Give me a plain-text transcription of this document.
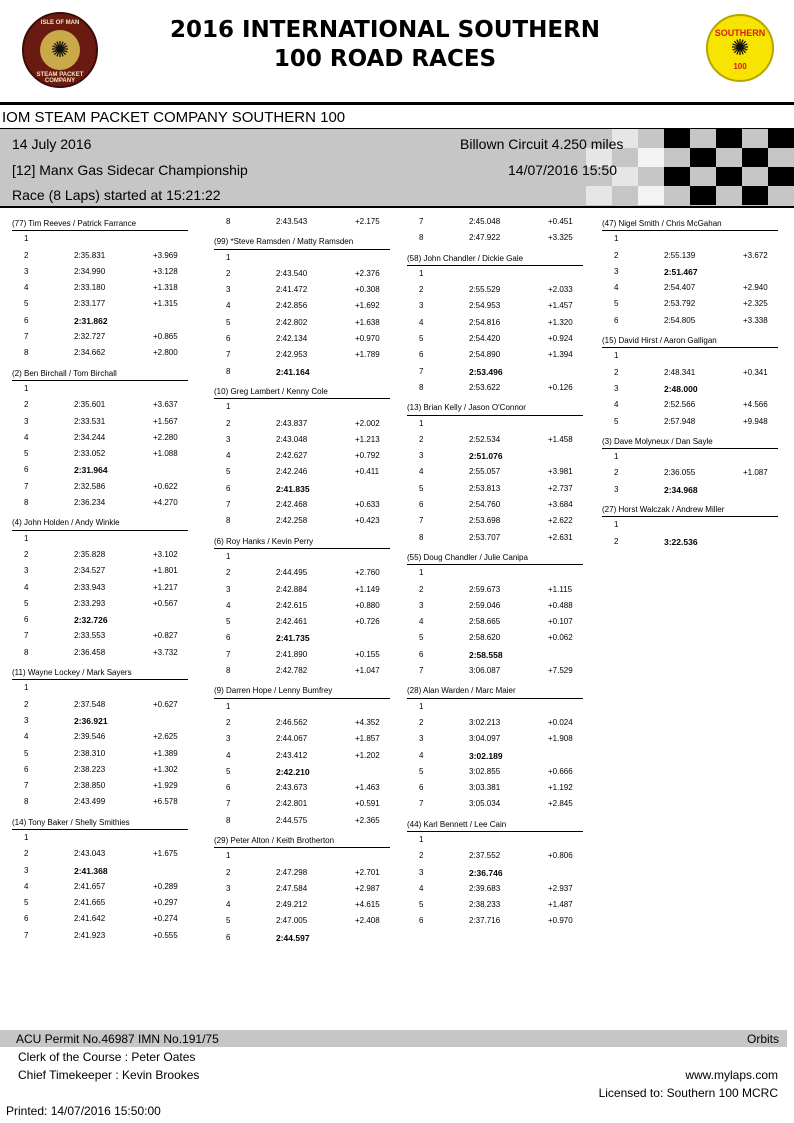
ISLE OF MAN
✺
STEAM PACKET COMPANY
2016 INTERNATIONAL SOUTHERN
100 ROAD RACES
SOUTHERN
✺
100
IOM STEAM PACKET COMPANY SOUTHERN 100
14 July 2016	Billown Circuit 4.250 miles
[12] Manx Gas Sidecar Championship	14/07/2016 15:50
Race (8 Laps) started at 15:21:22
(77) Tim Reeves / Patrick Farrance
1
2	2:35.831	+3.969
3	2:34.990	+3.128
4	2:33.180	+1.318
5	2:33.177	+1.315
6	2:31.862
7	2:32.727	+0.865
8	2:34.662	+2.800
(2) Ben Birchall / Tom Birchall
1
2	2:35.601	+3.637
3	2:33.531	+1.567
4	2:34.244	+2.280
5	2:33.052	+1.088
6	2:31.964
7	2:32.586	+0.622
8	2:36.234	+4.270
(4) John Holden / Andy Winkle
1
2	2:35.828	+3.102
3	2:34.527	+1.801
4	2:33.943	+1.217
5	2:33.293	+0.567
6	2:32.726
7	2:33.553	+0.827
8	2:36.458	+3.732
(11) Wayne Lockey / Mark Sayers
1
2	2:37.548	+0.627
3	2:36.921
4	2:39.546	+2.625
5	2:38.310	+1.389
6	2:38.223	+1.302
7	2:38.850	+1.929
8	2:43.499	+6.578
(14) Tony Baker / Shelly Smithies
1
2	2:43.043	+1.675
3	2:41.368
4	2:41.657	+0.289
5	2:41.665	+0.297
6	2:41.642	+0.274
7	2:41.923	+0.555
8	2:43.543	+2.175
(99) *Steve Ramsden / Matty Ramsden
1
2	2:43.540	+2.376
3	2:41.472	+0.308
4	2:42.856	+1.692
5	2:42.802	+1.638
6	2:42.134	+0.970
7	2:42.953	+1.789
8	2:41.164
(10) Greg Lambert / Kenny Cole
1
2	2:43.837	+2.002
3	2:43.048	+1.213
4	2:42.627	+0.792
5	2:42.246	+0.411
6	2:41.835
7	2:42.468	+0.633
8	2:42.258	+0.423
(6) Roy Hanks / Kevin Perry
1
2	2:44.495	+2.760
3	2:42.884	+1.149
4	2:42.615	+0.880
5	2:42.461	+0.726
6	2:41.735
7	2:41.890	+0.155
8	2:42.782	+1.047
(9) Darren Hope / Lenny Bumfrey
1
2	2:46.562	+4.352
3	2:44.067	+1.857
4	2:43.412	+1.202
5	2:42.210
6	2:43.673	+1.463
7	2:42.801	+0.591
8	2:44.575	+2.365
(29) Peter Alton / Keith Brotherton
1
2	2:47.298	+2.701
3	2:47.584	+2.987
4	2:49.212	+4.615
5	2:47.005	+2.408
6	2:44.597
7	2:45.048	+0.451
8	2:47.922	+3.325
(58) John Chandler / Dickie Gale
1
2	2:55.529	+2.033
3	2:54.953	+1.457
4	2:54.816	+1.320
5	2:54.420	+0.924
6	2:54.890	+1.394
7	2:53.496
8	2:53.622	+0.126
(13) Brian Kelly / Jason O'Connor
1
2	2:52.534	+1.458
3	2:51.076
4	2:55.057	+3.981
5	2:53.813	+2.737
6	2:54.760	+3.684
7	2:53.698	+2.622
8	2:53.707	+2.631
(55) Doug Chandler / Julie Canipa
1
2	2:59.673	+1.115
3	2:59.046	+0.488
4	2:58.665	+0.107
5	2:58.620	+0.062
6	2:58.558
7	3:06.087	+7.529
(28) Alan Warden / Marc Maier
1
2	3:02.213	+0.024
3	3:04.097	+1.908
4	3:02.189
5	3:02.855	+0.666
6	3:03.381	+1.192
7	3:05.034	+2.845
(44) Karl Bennett / Lee Cain
1
2	2:37.552	+0.806
3	2:36.746
4	2:39.683	+2.937
5	2:38.233	+1.487
6	2:37.716	+0.970
(47) Nigel Smith / Chris McGahan
1
2	2:55.139	+3.672
3	2:51.467
4	2:54.407	+2.940
5	2:53.792	+2.325
6	2:54.805	+3.338
(15) David Hirst / Aaron Galligan
1
2	2:48.341	+0.341
3	2:48.000
4	2:52.566	+4.566
5	2:57.948	+9.948
(3) Dave Molyneux / Dan Sayle
1
2	2:36.055	+1.087
3	2:34.968
(27) Horst Walczak / Andrew Miller
1
2	3:22.536
ACU Permit No.46987 IMN No.191/75	Orbits
Clerk of the Course : Peter Oates
Chief Timekeeper : Kevin Brookes	www.mylaps.com
Licensed to: Southern 100 MCRC
Printed: 14/07/2016 15:50:00
